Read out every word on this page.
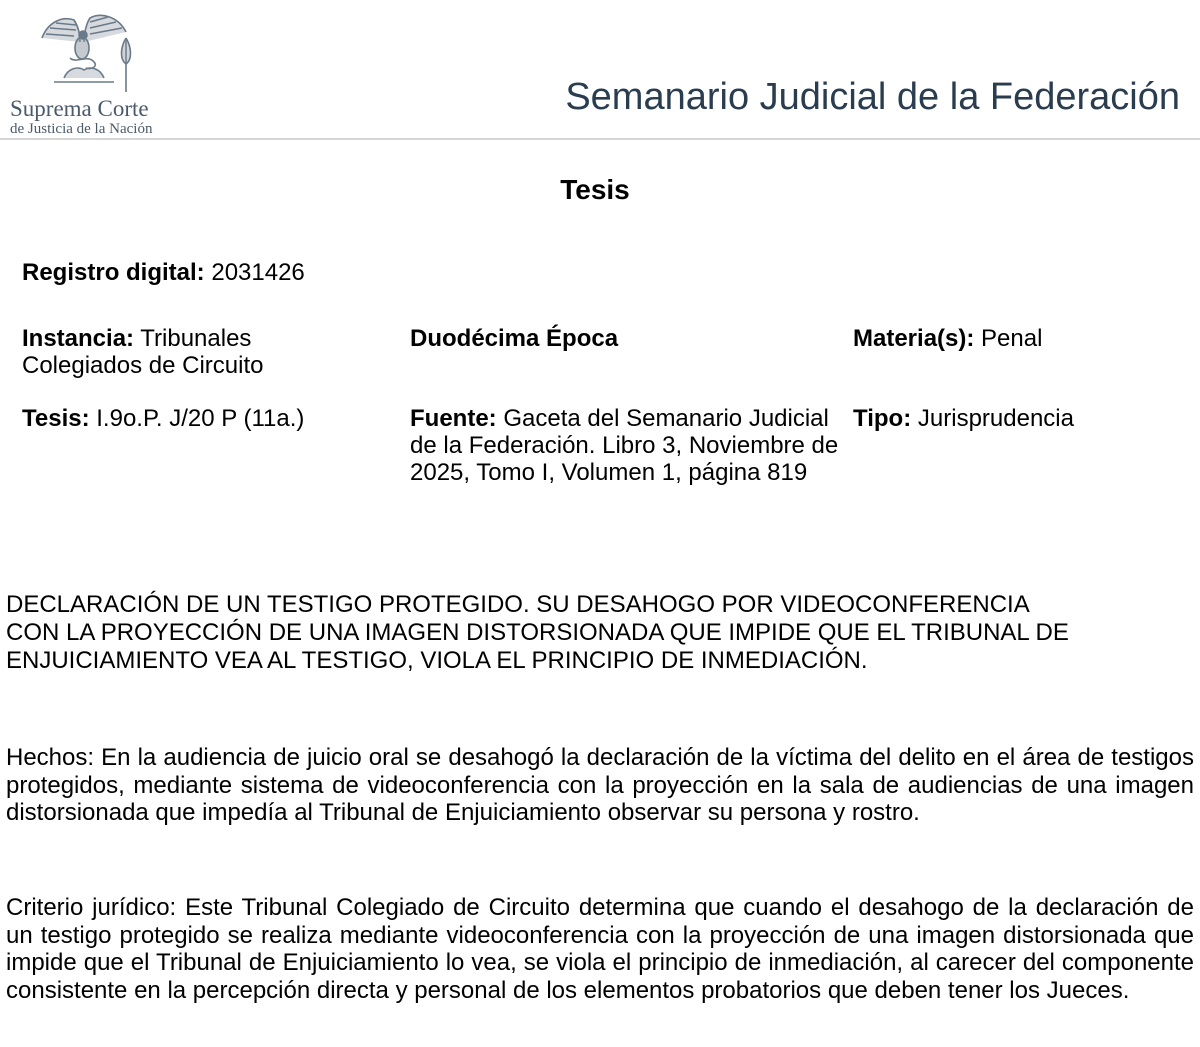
Suprema Corte
de Justicia de la Nación
Semanario Judicial de la Federación
Tesis
Registro digital: 2031426
Instancia: Tribunales Colegiados de Circuito
Duodécima Época	Materia(s): Penal
Tesis: I.9o.P. J/20 P (11a.)	Fuente: Gaceta del Semanario Judicial de la Federación. Libro 3, Noviembre de 2025, Tomo I, Volumen 1, página 819
Tipo: Jurisprudencia
DECLARACIÓN DE UN TESTIGO PROTEGIDO. SU DESAHOGO POR VIDEOCONFERENCIA
CON LA PROYECCIÓN DE UNA IMAGEN DISTORSIONADA QUE IMPIDE QUE EL TRIBUNAL DE
ENJUICIAMIENTO VEA AL TESTIGO, VIOLA EL PRINCIPIO DE INMEDIACIÓN.
Hechos: En la audiencia de juicio oral se desahogó la declaración de la víctima del delito en el área de testigos protegidos, mediante sistema de videoconferencia con la proyección en la sala de audiencias de una imagen distorsionada que impedía al Tribunal de Enjuiciamiento observar su persona y rostro.
Criterio jurídico: Este Tribunal Colegiado de Circuito determina que cuando el desahogo de la declaración de un testigo protegido se realiza mediante videoconferencia con la proyección de una imagen distorsionada que impide que el Tribunal de Enjuiciamiento lo vea, se viola el principio de inmediación, al carecer del componente consistente en la percepción directa y personal de los elementos probatorios que deben tener los Jueces.
